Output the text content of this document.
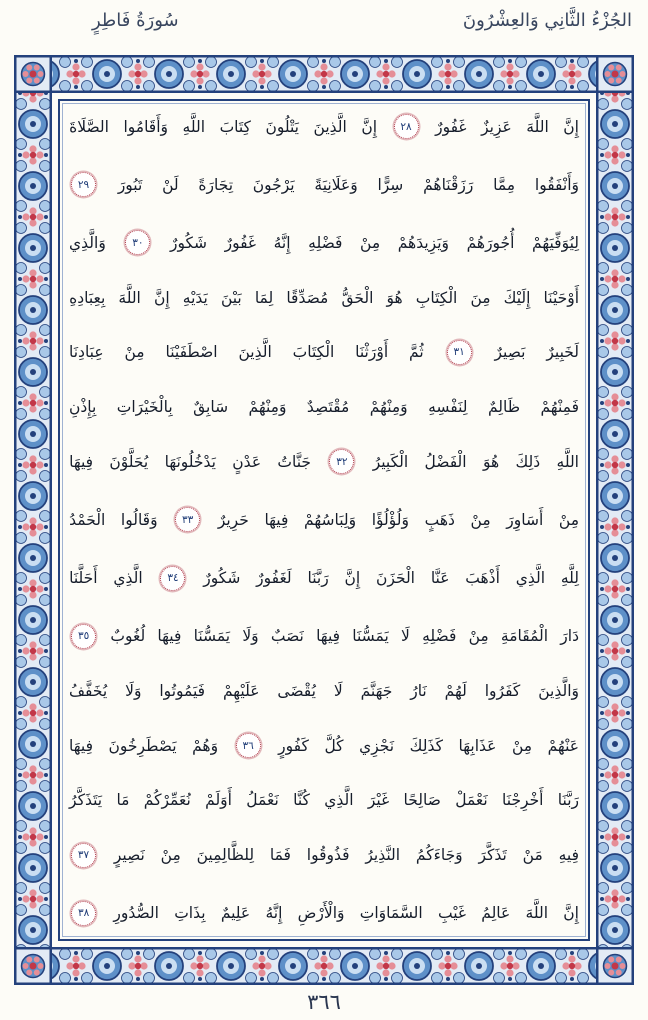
الجُزْءُ الثَّانِي وَالعِشْرُونَ
سُورَةُ فَاطِرٍ
إِنَّ
اللَّهَ
عَزِيزٌ
غَفُورٌ
٢٨
إِنَّ
الَّذِينَ
يَتْلُونَ
كِتَابَ
اللَّهِ
وَأَقَامُوا
الصَّلَاةَ
وَأَنْفَقُوا
مِمَّا
رَزَقْنَاهُمْ
سِرًّا
وَعَلَانِيَةً
يَرْجُونَ
تِجَارَةً
لَنْ
تَبُورَ
٢٩
لِيُوَفِّيَهُمْ
أُجُورَهُمْ
وَيَزِيدَهُمْ
مِنْ
فَضْلِهِ
إِنَّهُ
غَفُورٌ
شَكُورٌ
٣٠
وَالَّذِي
أَوْحَيْنَا
إِلَيْكَ
مِنَ
الْكِتَابِ
هُوَ
الْحَقُّ
مُصَدِّقًا
لِمَا
بَيْنَ
يَدَيْهِ
إِنَّ
اللَّهَ
بِعِبَادِهِ
لَخَبِيرٌ
بَصِيرٌ
٣١
ثُمَّ
أَوْرَثْنَا
الْكِتَابَ
الَّذِينَ
اصْطَفَيْنَا
مِنْ
عِبَادِنَا
فَمِنْهُمْ
ظَالِمٌ
لِنَفْسِهِ
وَمِنْهُمْ
مُقْتَصِدٌ
وَمِنْهُمْ
سَابِقٌ
بِالْخَيْرَاتِ
بِإِذْنِ
اللَّهِ
ذَلِكَ
هُوَ
الْفَضْلُ
الْكَبِيرُ
٣٢
جَنَّاتُ
عَدْنٍ
يَدْخُلُونَهَا
يُحَلَّوْنَ
فِيهَا
مِنْ
أَسَاوِرَ
مِنْ
ذَهَبٍ
وَلُؤْلُؤًا
وَلِبَاسُهُمْ
فِيهَا
حَرِيرٌ
٣٣
وَقَالُوا
الْحَمْدُ
لِلَّهِ
الَّذِي
أَذْهَبَ
عَنَّا
الْحَزَنَ
إِنَّ
رَبَّنَا
لَغَفُورٌ
شَكُورٌ
٣٤
الَّذِي
أَحَلَّنَا
دَارَ
الْمُقَامَةِ
مِنْ
فَضْلِهِ
لَا
يَمَسُّنَا
فِيهَا
نَصَبٌ
وَلَا
يَمَسُّنَا
فِيهَا
لُغُوبٌ
٣٥
وَالَّذِينَ
كَفَرُوا
لَهُمْ
نَارُ
جَهَنَّمَ
لَا
يُقْضَى
عَلَيْهِمْ
فَيَمُوتُوا
وَلَا
يُخَفَّفُ
عَنْهُمْ
مِنْ
عَذَابِهَا
كَذَلِكَ
نَجْزِي
كُلَّ
كَفُورٍ
٣٦
وَهُمْ
يَصْطَرِخُونَ
فِيهَا
رَبَّنَا
أَخْرِجْنَا
نَعْمَلْ
صَالِحًا
غَيْرَ
الَّذِي
كُنَّا
نَعْمَلُ
أَوَلَمْ
نُعَمِّرْكُمْ
مَا
يَتَذَكَّرُ
فِيهِ
مَنْ
تَذَكَّرَ
وَجَاءَكُمُ
النَّذِيرُ
فَذُوقُوا
فَمَا
لِلظَّالِمِينَ
مِنْ
نَصِيرٍ
٣٧
إِنَّ
اللَّهَ
عَالِمُ
غَيْبِ
السَّمَاوَاتِ
وَالْأَرْضِ
إِنَّهُ
عَلِيمٌ
بِذَاتِ
الصُّدُورِ
٣٨
٣٦٦
